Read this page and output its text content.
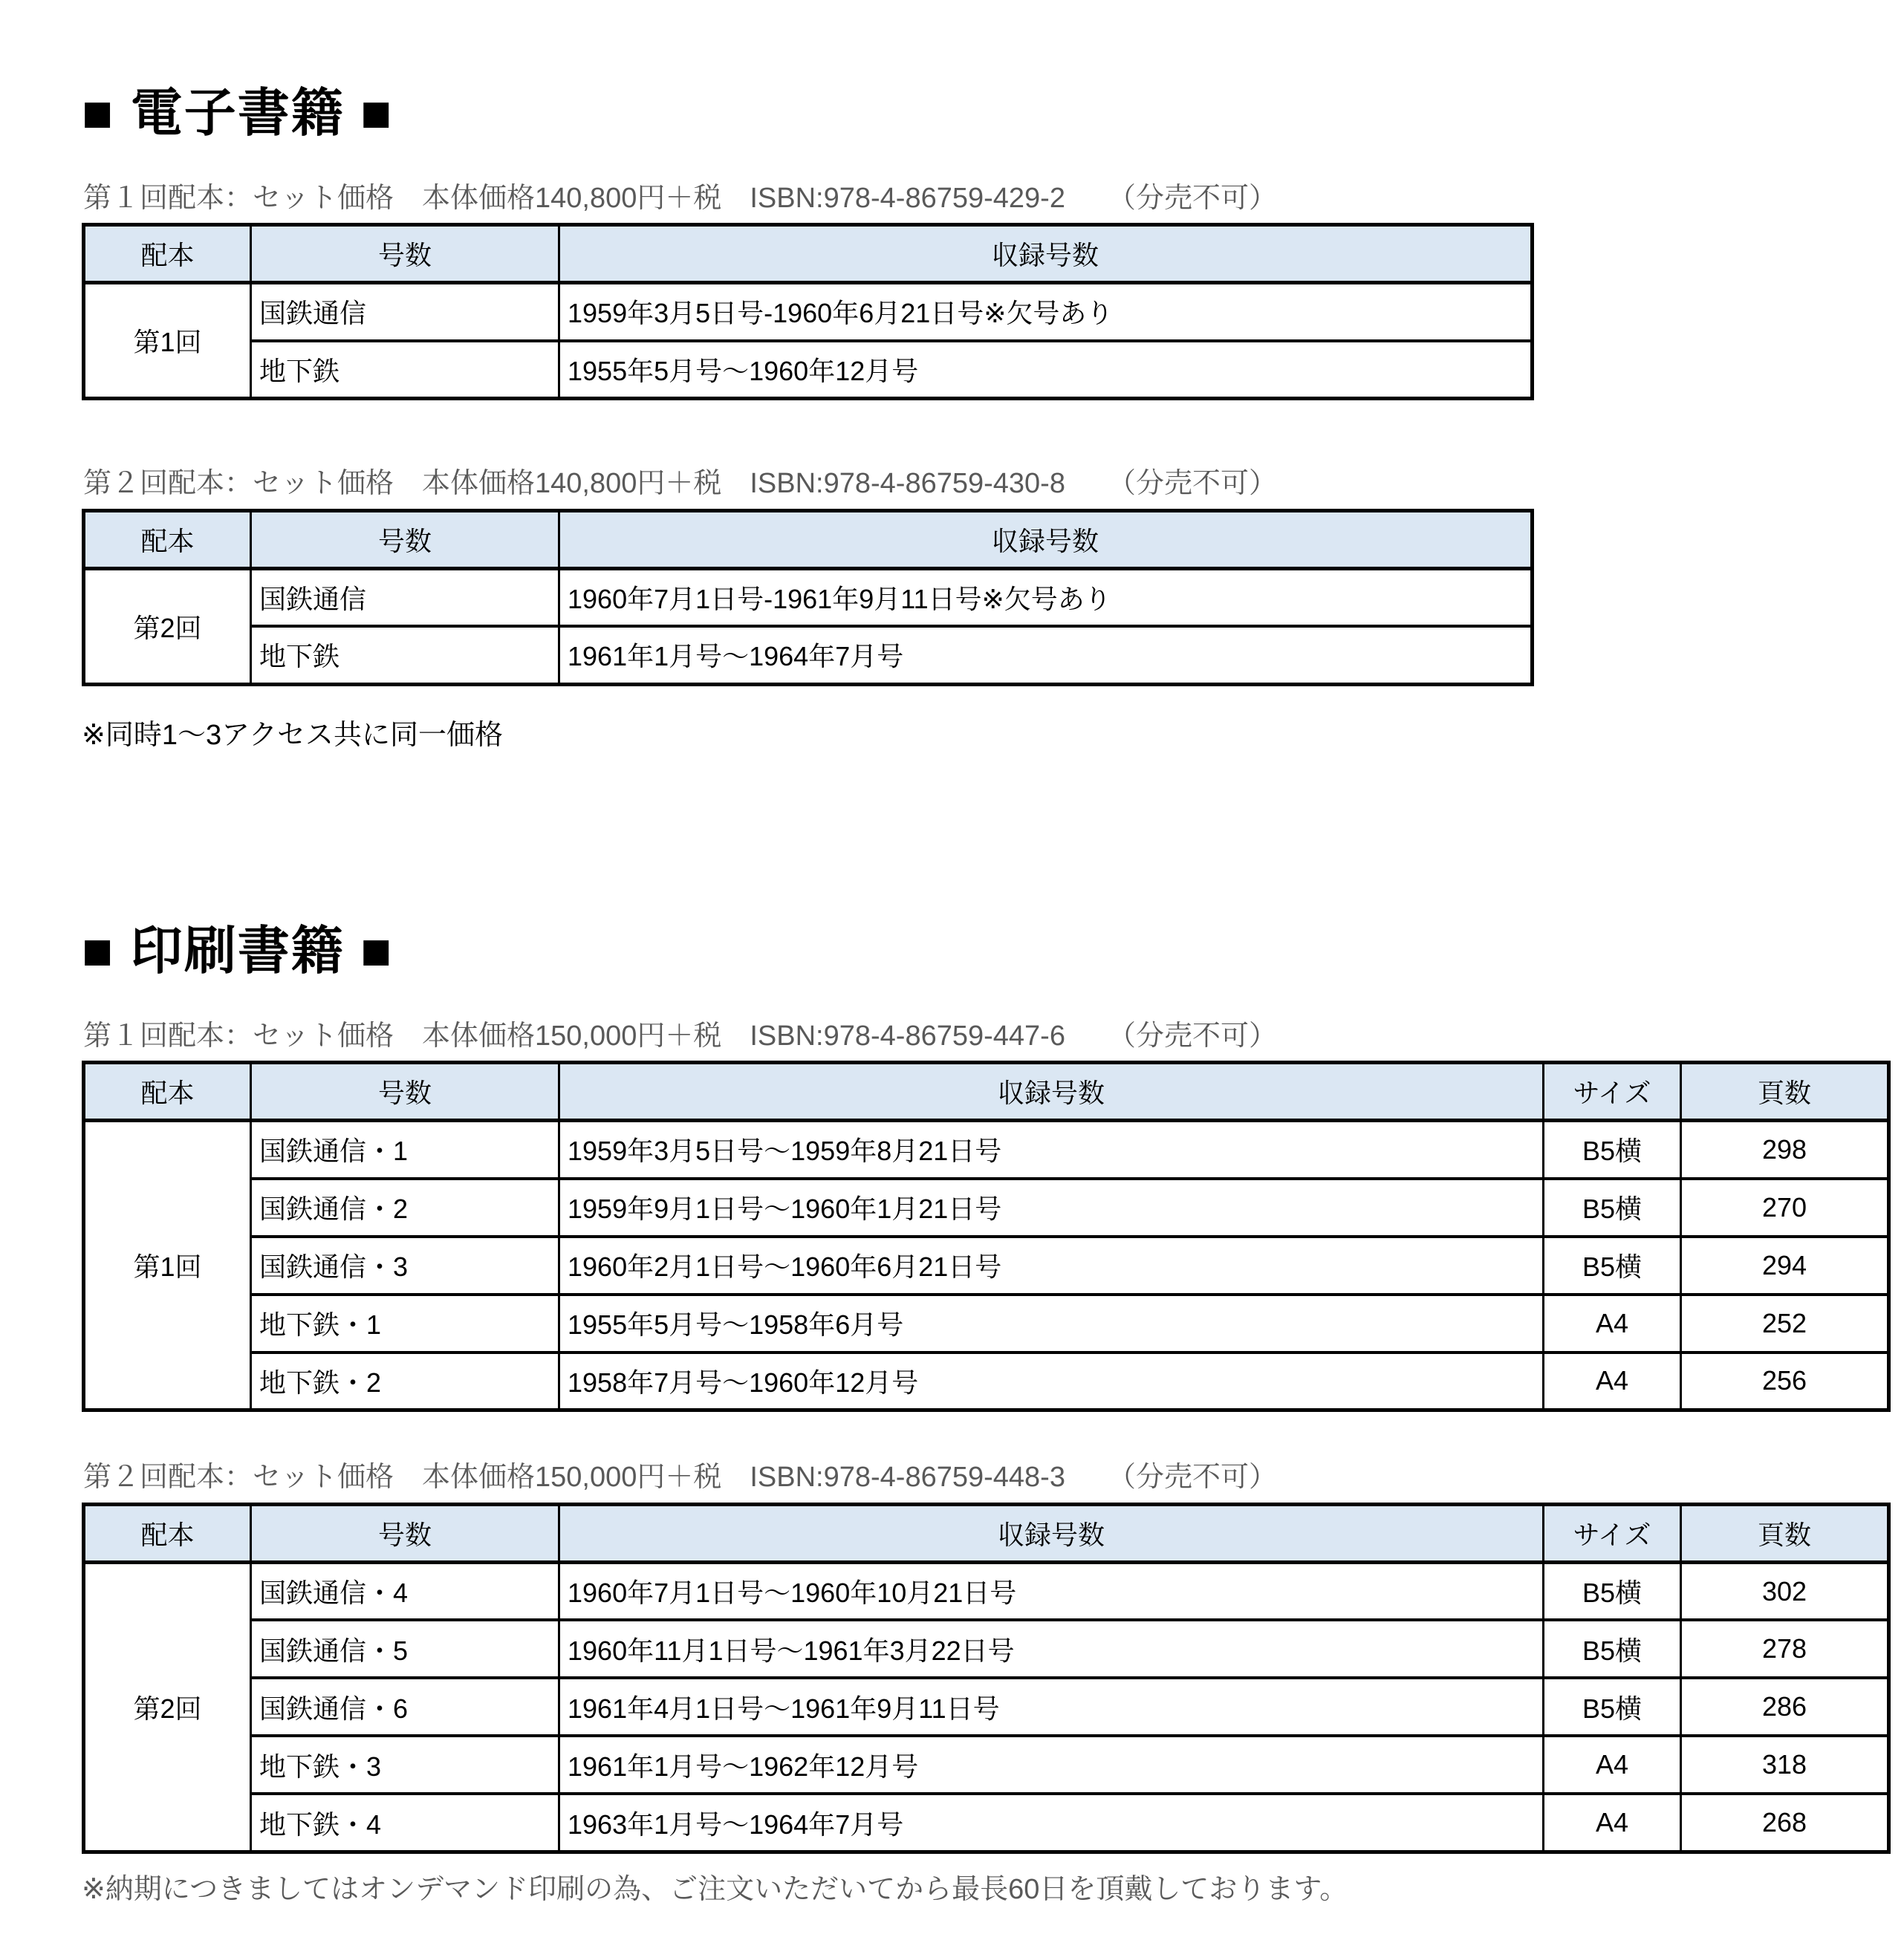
■ 電子書籍 ■

第１回配本：セット価格　本体価格140,800円＋税　ISBN:978-4-86759-429-2　　（分売不可）

配本	号数	収録号数
第1回	国鉄通信	1959年3月5日号-1960年6月21日号※欠号あり
	地下鉄	1955年5月号〜1960年12月号

第２回配本：セット価格　本体価格140,800円＋税　ISBN:978-4-86759-430-8　　（分売不可）

配本	号数	収録号数
第2回	国鉄通信	1960年7月1日号-1961年9月11日号※欠号あり
	地下鉄	1961年1月号〜1964年7月号

※同時1〜3アクセス共に同一価格

■ 印刷書籍 ■

第１回配本：セット価格　本体価格150,000円＋税　ISBN:978-4-86759-447-6　　（分売不可）

配本	号数	収録号数	サイズ	頁数
第1回	国鉄通信・1	1959年3月5日号〜1959年8月21日号	B5横	298
	国鉄通信・2	1959年9月1日号〜1960年1月21日号	B5横	270
	国鉄通信・3	1960年2月1日号〜1960年6月21日号	B5横	294
	地下鉄・1	1955年5月号〜1958年6月号	A4	252
	地下鉄・2	1958年7月号〜1960年12月号	A4	256

第２回配本：セット価格　本体価格150,000円＋税　ISBN:978-4-86759-448-3　　（分売不可）

配本	号数	収録号数	サイズ	頁数
第2回	国鉄通信・4	1960年7月1日号〜1960年10月21日号	B5横	302
	国鉄通信・5	1960年11月1日号〜1961年3月22日号	B5横	278
	国鉄通信・6	1961年4月1日号〜1961年9月11日号	B5横	286
	地下鉄・3	1961年1月号〜1962年12月号	A4	318
	地下鉄・4	1963年1月号〜1964年7月号	A4	268

※納期につきましてはオンデマンド印刷の為、ご注文いただいてから最長60日を頂戴しております。
